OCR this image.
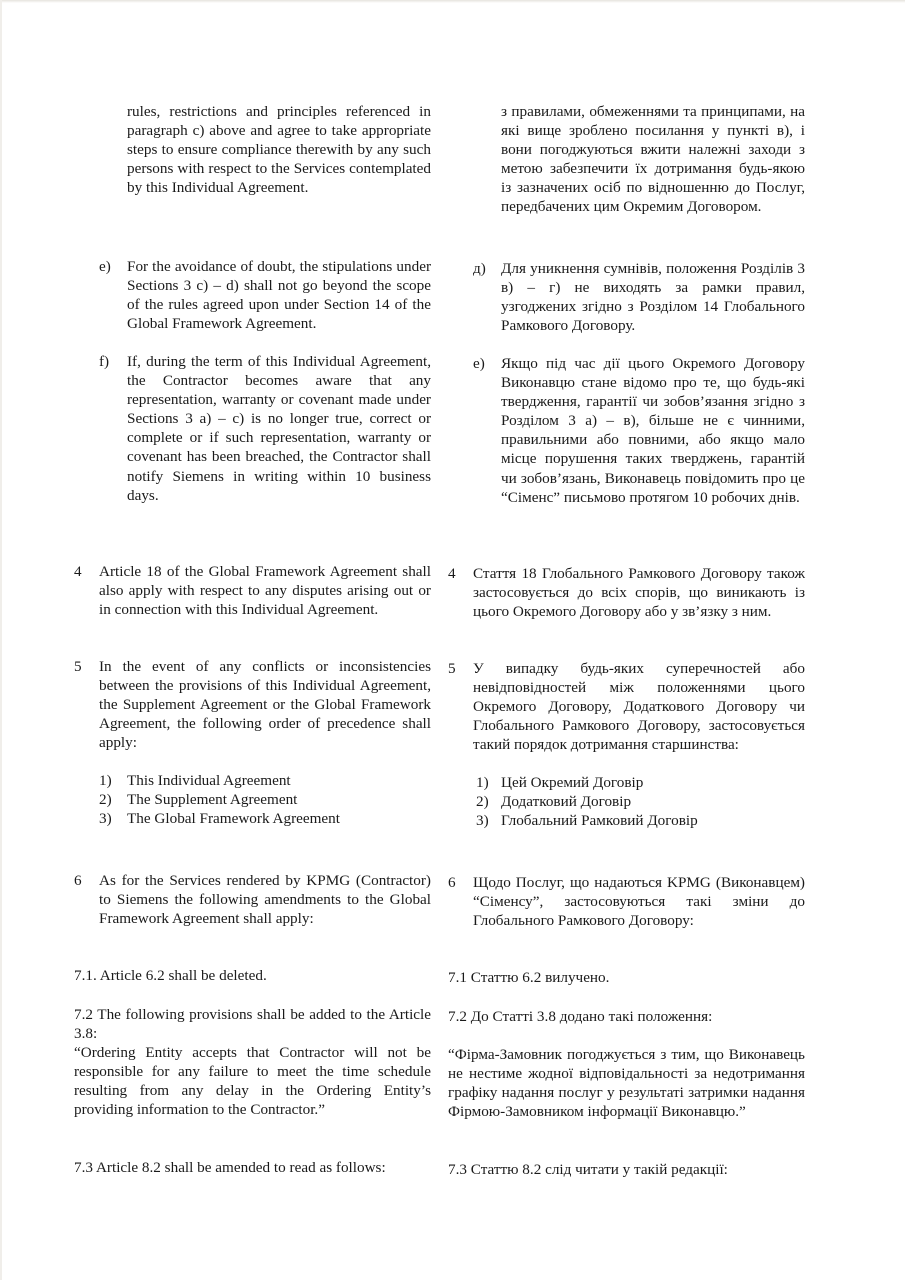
rules, restrictions and principles referenced in paragraph c) above and agree to take appropriate steps to ensure compliance therewith by any such persons with respect to the Services contemplated by this Individual Agreement.

e) For the avoidance of doubt, the stipulations under Sections 3 c) – d) shall not go beyond the scope of the rules agreed upon under Section 14 of the Global Framework Agreement.

f) If, during the term of this Individual Agreement, the Contractor becomes aware that any representation, warranty or covenant made under Sections 3 a) – c) is no longer true, correct or complete or if such representation, warranty or covenant has been breached, the Contractor shall notify Siemens in writing within 10 business days.

4 Article 18 of the Global Framework Agreement shall also apply with respect to any disputes arising out or in connection with this Individual Agreement.

5 In the event of any conflicts or inconsistencies between the provisions of this Individual Agreement, the Supplement Agreement or the Global Framework Agreement, the following order of precedence shall apply:

1) This Individual Agreement
2) The Supplement Agreement
3) The Global Framework Agreement
6 As for the Services rendered by KPMG (Contractor) to Siemens the following amendments to the Global Framework Agreement shall apply:

7.1. Article 6.2 shall be deleted.

7.2 The following provisions shall be added to the Article 3.8:

“Ordering Entity accepts that Contractor will not be responsible for any failure to meet the time schedule resulting from any delay in the Ordering Entity’s providing information to the Contractor.”

7.3 Article 8.2 shall be amended to read as follows:

з правилами, обмеженнями та принципами, на які вище зроблено посилання у пункті в), і вони погоджуються вжити належні заходи з метою забезпечити їх дотримання будь-якою із зазначених осіб по відношенню до Послуг, передбачених цим Окремим Договором.

д) Для уникнення сумнівів, положення Розділів 3 в) – г) не виходять за рамки правил, узгоджених згідно з Розділом 14 Глобального Рамкового Договору.

е) Якщо під час дії цього Окремого Договору Виконавцю стане відомо про те, що будь-які твердження, гарантії чи зобов’язання згідно з Розділом 3 а) – в), більше не є чинними, правильними або повними, або якщо мало місце порушення таких тверджень, гарантій чи зобов’язань, Виконавець повідомить про це “Сіменс” письмово протягом 10 робочих днів.

4 Стаття 18 Глобального Рамкового Договору також застосовується до всіх спорів, що виникають із цього Окремого Договору або у зв’язку з ним.

5 У випадку будь-яких суперечностей або невідповідностей між положеннями цього Окремого Договору, Додаткового Договору чи Глобального Рамкового Договору, застосовується такий порядок дотримання старшинства:

1) Цей Окремий Договір
2) Додатковий Договір
3) Глобальний Рамковий Договір
6 Щодо Послуг, що надаються KPMG (Виконавцем) “Сіменсу”, застосовуються такі зміни до Глобального Рамкового Договору:

7.1 Статтю 6.2 вилучено.

7.2 До Статті 3.8 додано такі положення:

“Фірма-Замовник погоджується з тим, що Виконавець не нестиме жодної відповідальності за недотримання графіку надання послуг у результаті затримки надання Фірмою-Замовником інформації Виконавцю.”

7.3 Статтю 8.2 слід читати у такій редакції:
